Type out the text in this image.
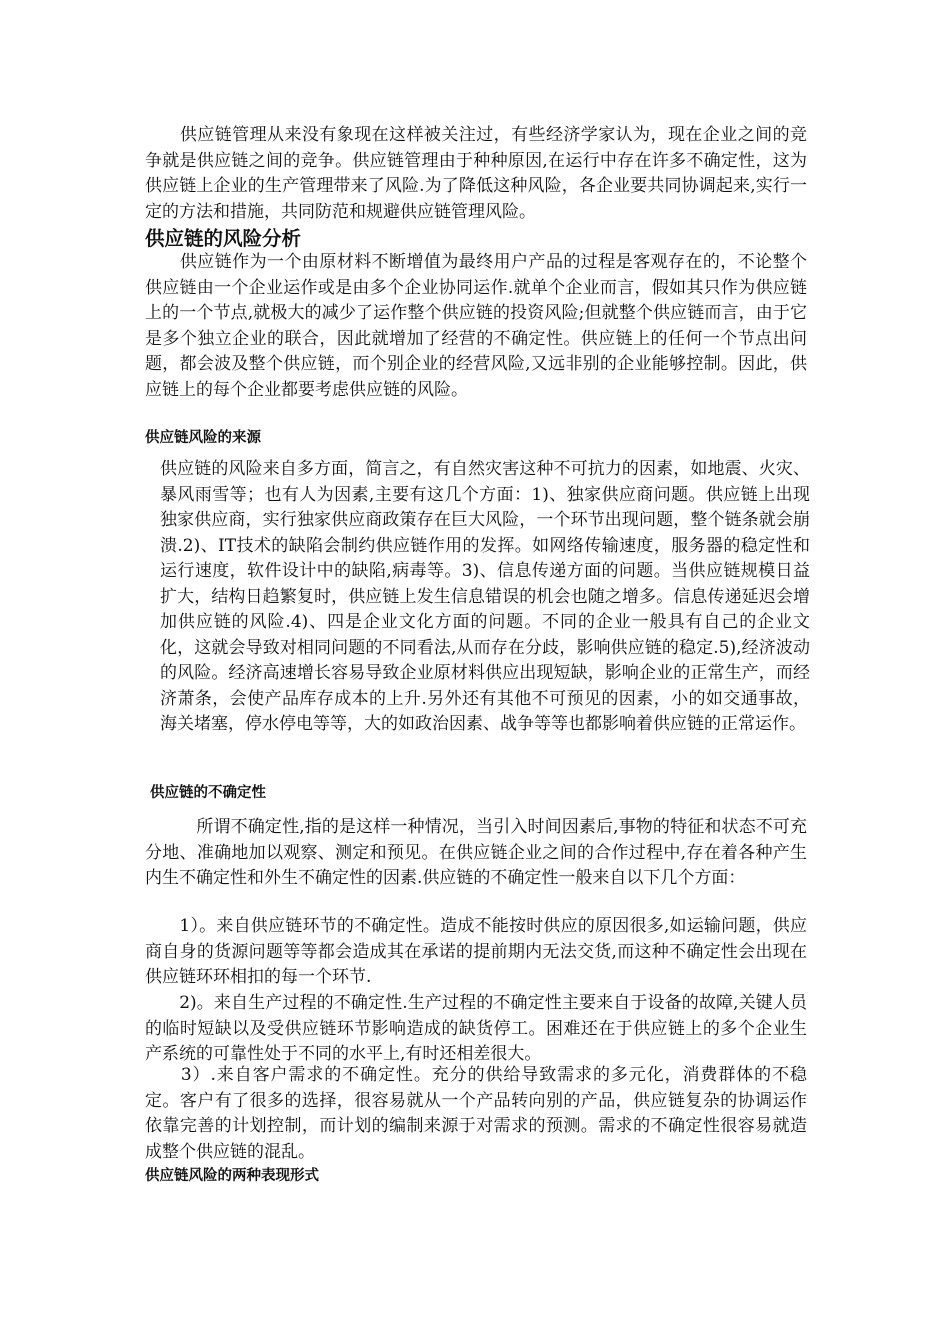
　　供应链管理从来没有象现在这样被关注过，有些经济学家认为，现在企业之间的竞争就是供应链之间的竞争。供应链管理由于种种原因,在运行中存在许多不确定性，这为供应链上企业的生产管理带来了风险.为了降低这种风险，各企业要共同协调起来,实行一定的方法和措施，共同防范和规避供应链管理风险。

供应链的风险分析

　　供应链作为一个由原材料不断增值为最终用户产品的过程是客观存在的，不论整个供应链由一个企业运作或是由多个企业协同运作.就单个企业而言，假如其只作为供应链上的一个节点,就极大的减少了运作整个供应链的投资风险;但就整个供应链而言，由于它是多个独立企业的联合，因此就增加了经营的不确定性。供应链上的任何一个节点出问题，都会波及整个供应链，而个别企业的经营风险,又远非别的企业能够控制。因此，供应链上的每个企业都要考虑供应链的风险。

供应链风险的来源

供应链的风险来自多方面，简言之，有自然灾害这种不可抗力的因素，如地震、火灾、暴风雨雪等；也有人为因素,主要有这几个方面：1)、独家供应商问题。供应链上出现独家供应商，实行独家供应商政策存在巨大风险，一个环节出现问题，整个链条就会崩溃.2)、IT技术的缺陷会制约供应链作用的发挥。如网络传输速度，服务器的稳定性和运行速度，软件设计中的缺陷,病毒等。3)、信息传递方面的问题。当供应链规模日益扩大，结构日趋繁复时，供应链上发生信息错误的机会也随之增多。信息传递延迟会增加供应链的风险.4)、四是企业文化方面的问题。不同的企业一般具有自己的企业文化，这就会导致对相同问题的不同看法,从而存在分歧，影响供应链的稳定.5),经济波动的风险。经济高速增长容易导致企业原材料供应出现短缺，影响企业的正常生产，而经济萧条，会使产品库存成本的上升.另外还有其他不可预见的因素，小的如交通事故，海关堵塞，停水停电等等，大的如政治因素、战争等等也都影响着供应链的正常运作。

供应链的不确定性

　　　所谓不确定性,指的是这样一种情况，当引入时间因素后,事物的特征和状态不可充分地、准确地加以观察、测定和预见。在供应链企业之间的合作过程中,存在着各种产生内生不确定性和外生不确定性的因素.供应链的不确定性一般来自以下几个方面：

　　1）。来自供应链环节的不确定性。造成不能按时供应的原因很多,如运输问题，供应商自身的货源问题等等都会造成其在承诺的提前期内无法交货,而这种不确定性会出现在供应链环环相扣的每一个环节.

　　2)。来自生产过程的不确定性.生产过程的不确定性主要来自于设备的故障,关键人员的临时短缺以及受供应链环节影响造成的缺货停工。困难还在于供应链上的多个企业生产系统的可靠性处于不同的水平上,有时还相差很大。

　　3）.来自客户需求的不确定性。充分的供给导致需求的多元化，消费群体的不稳定。客户有了很多的选择，很容易就从一个产品转向别的产品，供应链复杂的协调运作依靠完善的计划控制，而计划的编制来源于对需求的预测。需求的不确定性很容易就造成整个供应链的混乱。

供应链风险的两种表现形式
